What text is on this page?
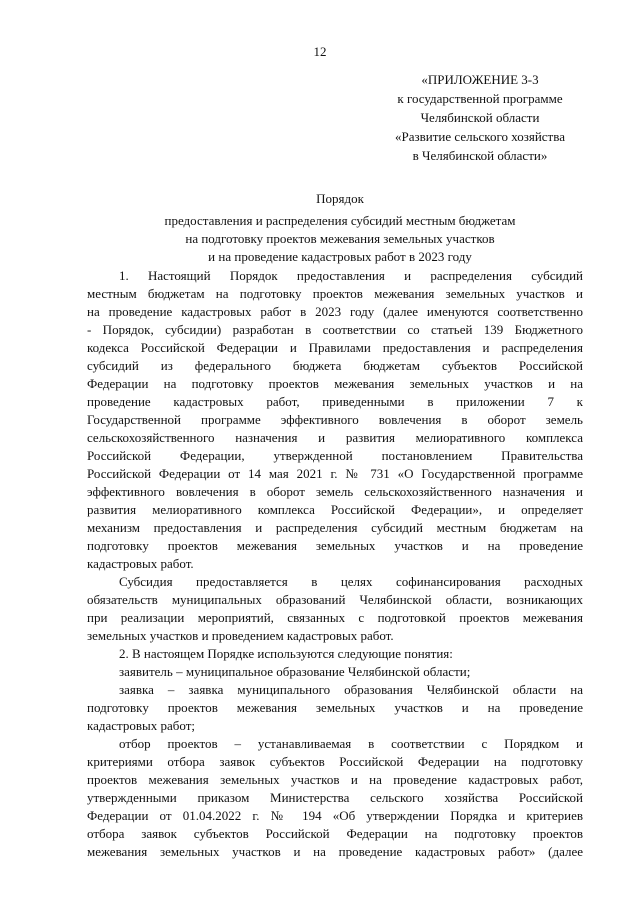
12
«ПРИЛОЖЕНИЕ 3-3
к государственной программе
Челябинской области
«Развитие сельского хозяйства
в Челябинской области»
Порядок
предоставления и распределения субсидий местным бюджетам
на подготовку проектов межевания земельных участков
и на проведение кадастровых работ в 2023 году
1. Настоящий Порядок предоставления и распределения субсидий
местным бюджетам на подготовку проектов межевания земельных участков и
на проведение кадастровых работ в 2023 году (далее именуются соответственно
- Порядок, субсидии) разработан в соответствии со статьей 139 Бюджетного
кодекса Российской Федерации и Правилами предоставления и распределения
субсидий из федерального бюджета бюджетам субъектов Российской
Федерации на подготовку проектов межевания земельных участков и на
проведение кадастровых работ, приведенными в приложении 7 к
Государственной программе эффективного вовлечения в оборот земель
сельскохозяйственного назначения и развития мелиоративного комплекса
Российской Федерации, утвержденной постановлением Правительства
Российской Федерации от 14 мая 2021 г. № 731 «О Государственной программе
эффективного вовлечения в оборот земель сельскохозяйственного назначения и
развития мелиоративного комплекса Российской Федерации», и определяет
механизм предоставления и распределения субсидий местным бюджетам на
подготовку проектов межевания земельных участков и на проведение
кадастровых работ.
Субсидия предоставляется в целях софинансирования расходных
обязательств муниципальных образований Челябинской области, возникающих
при реализации мероприятий, связанных с подготовкой проектов межевания
земельных участков и проведением кадастровых работ.
2. В настоящем Порядке используются следующие понятия:
заявитель – муниципальное образование Челябинской области;
заявка – заявка муниципального образования Челябинской области на
подготовку проектов межевания земельных участков и на проведение
кадастровых работ;
отбор проектов – устанавливаемая в соответствии с Порядком и
критериями отбора заявок субъектов Российской Федерации на подготовку
проектов межевания земельных участков и на проведение кадастровых работ,
утвержденными приказом Министерства сельского хозяйства Российской
Федерации от 01.04.2022 г. № 194 «Об утверждении Порядка и критериев
отбора заявок субъектов Российской Федерации на подготовку проектов
межевания земельных участков и на проведение кадастровых работ» (далее
